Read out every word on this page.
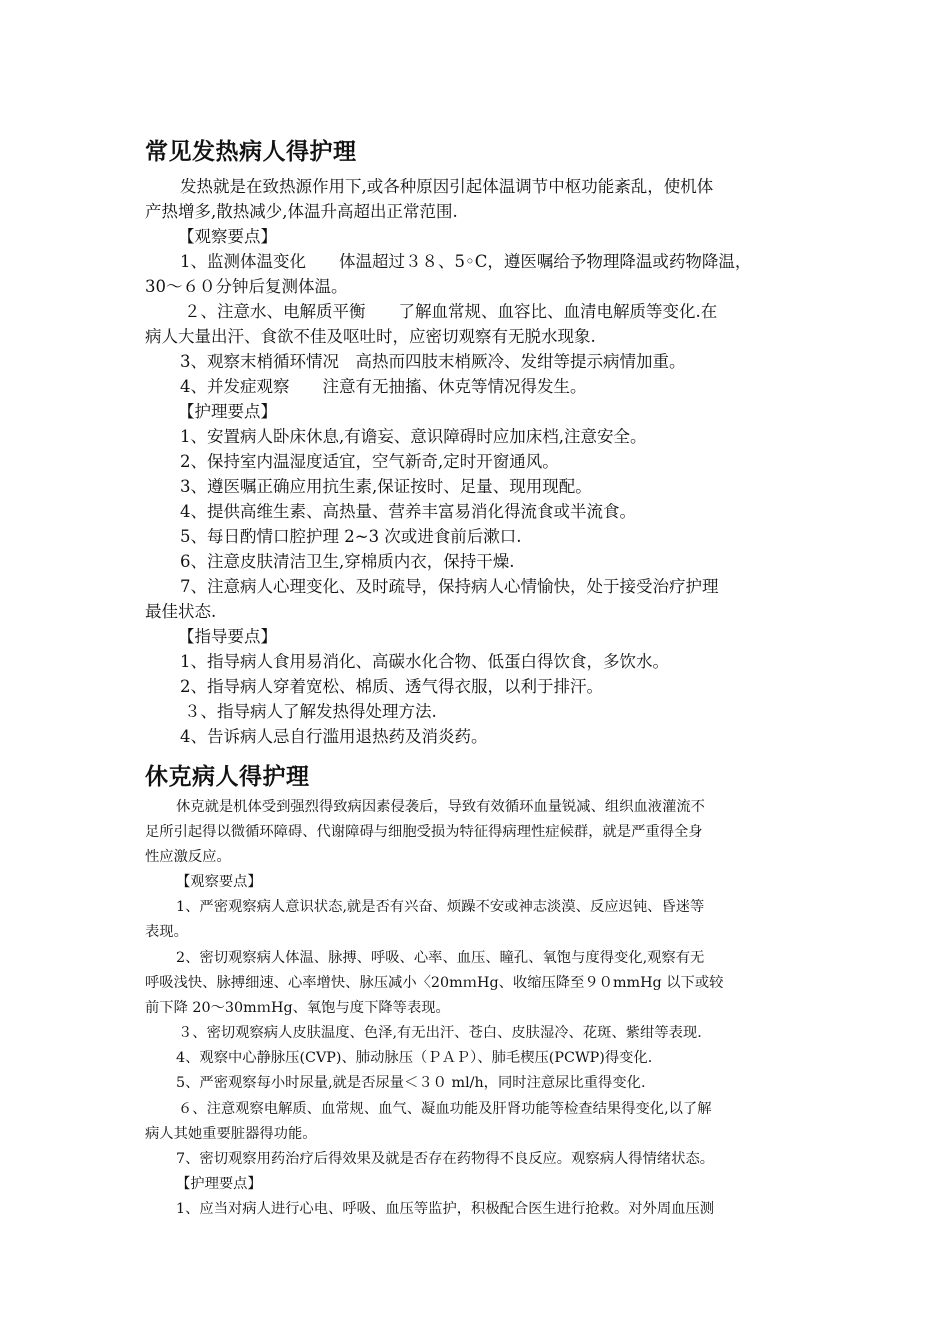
常见发热病人得护理
发热就是在致热源作用下,或各种原因引起体温调节中枢功能紊乱，使机体
产热增多,散热减少,体温升高超出正常范围.
【观察要点】
1、监测体温变化　　体温超过３８、5◦C，遵医嘱给予物理降温或药物降温，
30～６０分钟后复测体温。
２、注意水、电解质平衡　　了解血常规、血容比、血清电解质等变化.在
病人大量出汗、食欲不佳及呕吐时，应密切观察有无脱水现象.
3、观察末梢循环情况　高热而四肢末梢厥冷、发绀等提示病情加重。
4、并发症观察　　注意有无抽搐、休克等情况得发生。
【护理要点】
1、安置病人卧床休息,有谵妄、意识障碍时应加床档,注意安全。
2、保持室内温湿度适宜，空气新奇,定时开窗通风。
3、遵医嘱正确应用抗生素,保证按时、足量、现用现配。
4、提供高维生素、高热量、营养丰富易消化得流食或半流食。
5、每日酌情口腔护理 2~3 次或进食前后漱口.
6、注意皮肤清洁卫生,穿棉质内衣，保持干燥.
7、注意病人心理变化、及时疏导，保持病人心情愉快，处于接受治疗护理
最佳状态.
【指导要点】
1、指导病人食用易消化、高碳水化合物、低蛋白得饮食，多饮水。
2、指导病人穿着宽松、棉质、透气得衣服，以利于排汗。
３、指导病人了解发热得处理方法.
4、告诉病人忌自行滥用退热药及消炎药。
休克病人得护理
休克就是机体受到强烈得致病因素侵袭后，导致有效循环血量锐减、组织血液灌流不
足所引起得以微循环障碍、代谢障碍与细胞受损为特征得病理性症候群，就是严重得全身
性应激反应。
【观察要点】
1、严密观察病人意识状态,就是否有兴奋、烦躁不安或神志淡漠、反应迟钝、昏迷等
表现。
2、密切观察病人体温、脉搏、呼吸、心率、血压、瞳孔、氧饱与度得变化,观察有无
呼吸浅快、脉搏细速、心率增快、脉压减小〈20mｍHg、收缩压降至９０mmHg 以下或较
前下降 20～30mｍHg、氧饱与度下降等表现。
３、密切观察病人皮肤温度、色泽,有无出汗、苍白、皮肤湿冷、花斑、紫绀等表现.
4、观察中心静脉压(CVP)、肺动脉压（ＰＡＰ）、肺毛楔压(PCWP)得变化.
5、严密观察每小时尿量,就是否尿量＜３０ ml/h，同时注意尿比重得变化.
６、注意观察电解质、血常规、血气、凝血功能及肝肾功能等检查结果得变化,以了解
病人其她重要脏器得功能。
7、密切观察用药治疗后得效果及就是否存在药物得不良反应。观察病人得情绪状态。
【护理要点】
1、应当对病人进行心电、呼吸、血压等监护，积极配合医生进行抢救。对外周血压测
